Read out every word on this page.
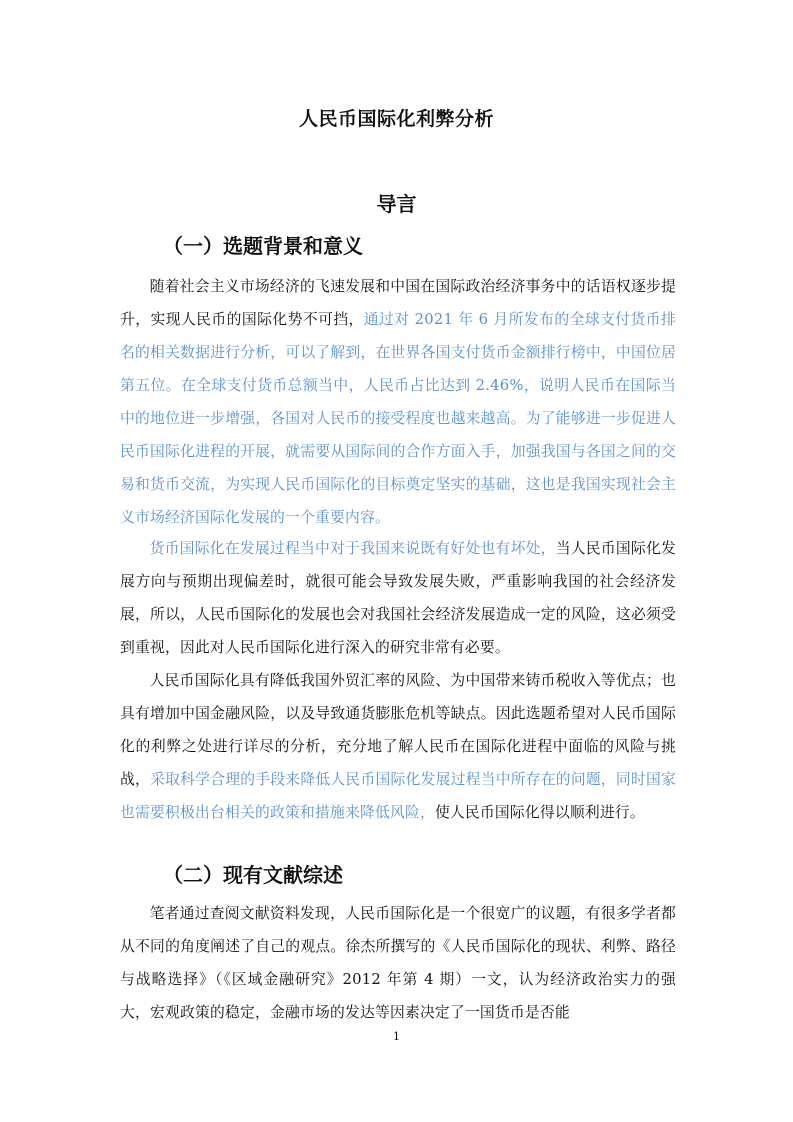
人民币国际化利弊分析
导言
（一）选题背景和意义

随着社会主义市场经济的飞速发展和中国在国际政治经济事务中的话语权逐步提升，实现人民币的国际化势不可挡，通过对 2021 年 6 月所发布的全球支付货币排名的相关数据进行分析，可以了解到，在世界各国支付货币金额排行榜中，中国位居第五位。在全球支付货币总额当中，人民币占比达到 2.46%，说明人民币在国际当中的地位进一步增强，各国对人民币的接受程度也越来越高。为了能够进一步促进人民币国际化进程的开展，就需要从国际间的合作方面入手，加强我国与各国之间的交易和货币交流，为实现人民币国际化的目标奠定坚实的基础，这也是我国实现社会主义市场经济国际化发展的一个重要内容。

货币国际化在发展过程当中对于我国来说既有好处也有坏处，当人民币国际化发展方向与预期出现偏差时，就很可能会导致发展失败，严重影响我国的社会经济发展，所以，人民币国际化的发展也会对我国社会经济发展造成一定的风险，这必须受到重视，因此对人民币国际化进行深入的研究非常有必要。

人民币国际化具有降低我国外贸汇率的风险、为中国带来铸币税收入等优点；也具有增加中国金融风险，以及导致通货膨胀危机等缺点。因此选题希望对人民币国际化的利弊之处进行详尽的分析，充分地了解人民币在国际化进程中面临的风险与挑战，采取科学合理的手段来降低人民币国际化发展过程当中所存在的问题，同时国家也需要积极出台相关的政策和措施来降低风险，使人民币国际化得以顺利进行。

（二）现有文献综述

笔者通过查阅文献资料发现，人民币国际化是一个很宽广的议题，有很多学者都从不同的角度阐述了自己的观点。徐杰所撰写的《人民币国际化的现状、利弊、路径与战略选择》（《区域金融研究》2012 年第 4 期）一文，认为经济政治实力的强大，宏观政策的稳定，金融市场的发达等因素决定了一国货币是否能

1
